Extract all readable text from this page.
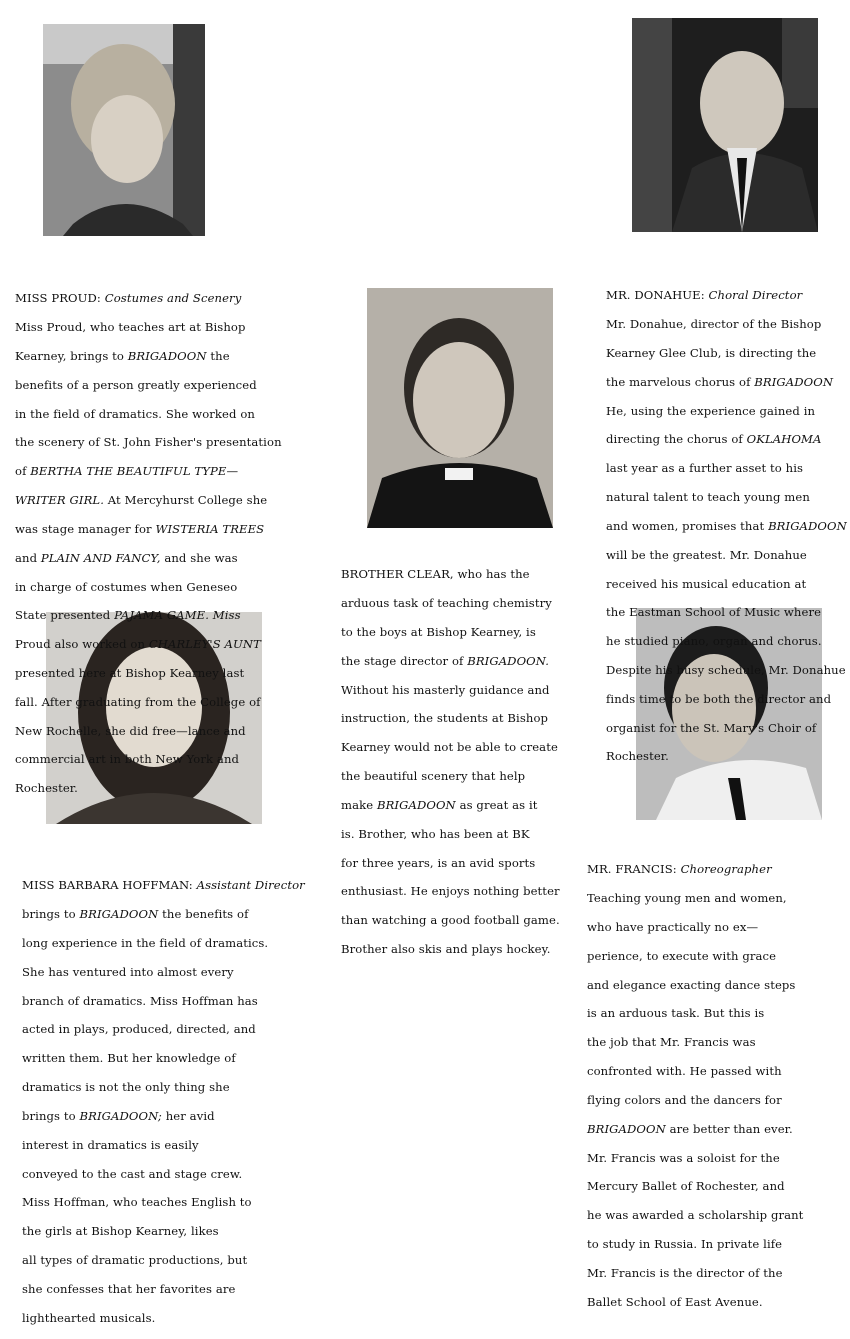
MISS PROUD: Costumes and Scenery

Miss Proud, who teaches art at Bishop

Kearney, brings to BRIGADOON the

benefits of a person greatly experienced

in the field of dramatics. She worked on

the scenery of St. John Fisher's presentation

of BERTHA THE BEAUTIFUL TYPE—

WRITER GIRL. At Mercyhurst College she

was stage manager for WISTERIA TREES

and PLAIN AND FANCY, and she was

in charge of costumes when Geneseo

State presented PAJAMA GAME. Miss

Proud also worked on CHARLEY'S AUNT

presented here at Bishop Kearney last

fall. After graduating from the College of

New Rochelle, she did free—lance and

commercial art in both New York and

Rochester.

MR. DONAHUE: Choral Director

Mr. Donahue, director of the Bishop

Kearney Glee Club, is directing the

the marvelous chorus of BRIGADOON

He, using the experience gained in

directing the chorus of OKLAHOMA

last year as a further asset to his

natural talent to teach young men

and women, promises that BRIGADOON

will be the greatest. Mr. Donahue

received his musical education at

the Eastman School of Music where

he studied piano, organ and chorus.

Despite his busy schedule, Mr. Donahue

finds time to be both the director and

organist for the St. Mary's Choir of

Rochester.

BROTHER CLEAR, who has the

arduous task of teaching chemistry

to the boys at Bishop Kearney, is

the stage director of BRIGADOON.

Without his masterly guidance and

instruction, the students at Bishop

Kearney would not be able to create

the beautiful scenery that help

make BRIGADOON as great as it

is. Brother, who has been at BK

for three years, is an avid sports

enthusiast. He enjoys nothing better

than watching a good football game.

Brother also skis and plays hockey.

MISS BARBARA HOFFMAN: Assistant Director

brings to BRIGADOON the benefits of

long experience in the field of dramatics.

She has ventured into almost every

branch of dramatics. Miss Hoffman has

acted in plays, produced, directed, and

written them. But her knowledge of

dramatics is not the only thing she

brings to BRIGADOON; her avid

interest in dramatics is easily

conveyed to the cast and stage crew.

Miss Hoffman, who teaches English to

the girls at Bishop Kearney, likes

all types of dramatic productions, but

she confesses that her favorites are

lighthearted musicals.

MR. FRANCIS: Choreographer

Teaching young men and women,

who have practically no ex—

perience, to execute with grace

and elegance exacting dance steps

is an arduous task. But this is

the job that Mr. Francis was

confronted with. He passed with

flying colors and the dancers for

BRIGADOON are better than ever.

Mr. Francis was a soloist for the

Mercury Ballet of Rochester, and

he was awarded a scholarship grant

to study in Russia. In private life

Mr. Francis is the director of the

Ballet School of East Avenue.
